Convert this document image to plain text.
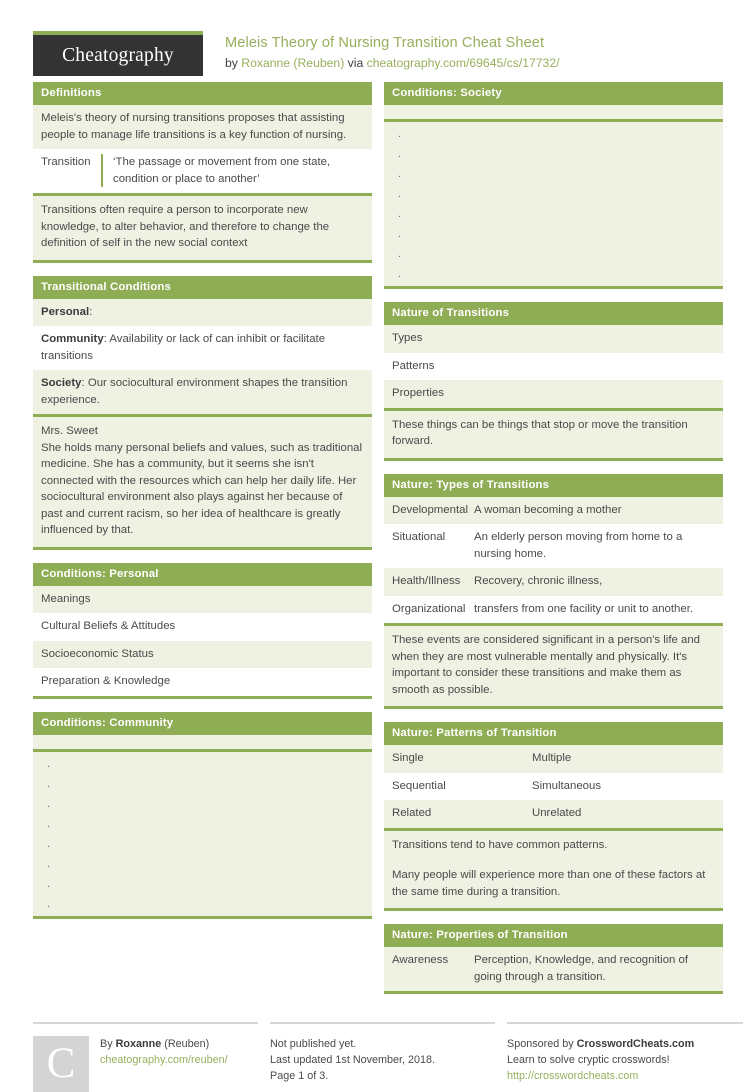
Cheatography
Meleis Theory of Nursing Transition Cheat Sheet
by Roxanne (Reuben) via cheatography.com/69645/cs/17732/
Definitions
Meleis's theory of nursing transitions proposes that assisting people to manage life transitions is a key function of nursing.
Transition	‘The passage or movement from one state, condition or place to another’

Transitions often require a person to incorporate new knowledge, to alter behavior, and therefore to change the definition of self in the new social context

Transitional Conditions
Personal:
Community: Availability or lack of can inhibit or facilitate transitions
Society: Our sociocultural environment shapes the transition experience.

Mrs. Sweet

She holds many personal beliefs and values, such as traditional medicine. She has a community, but it seems she isn't connected with the resources which can help her daily life. Her sociocultural environment also plays against her because of past and current racism, so her idea of healthcare is greatly influenced by that.

Conditions: Personal
Meanings
Cultural Beliefs & Attitudes
Socioeconomic Status
Preparation & Knowledge
Conditions: Community
.
.
.
.
.
.
.
.
Conditions: Society
.
.
.
.
.
.
.
.
Nature of Transitions
Types
Patterns
Properties

These things can be things that stop or move the transition forward.

Nature: Types of Transitions
Developmental A woman becoming a mother
Situational	An elderly person moving from home to a nursing home.
Health/Illness	Recovery, chronic illness,
Organizational transfers from one facility or unit to another.

These events are considered significant in a person's life and when they are most vulnerable mentally and physically. It's important to consider these transitions and make them as smooth as possible.

Nature: Patterns of Transition
Single	Multiple
Sequential	Simultaneous
Related	Unrelated

Transitions tend to have common patterns.

Many people will experience more than one of these factors at the same time during a transition.

Nature: Properties of Transition
Awareness	Perception, Knowledge, and recognition of going through a transition.
C	By Roxanne (Reuben)
cheatography.com/reuben/
Not published yet.
Last updated 1st November, 2018.
Page 1 of 3.
Sponsored by CrosswordCheats.com
Learn to solve cryptic crosswords!
http://crosswordcheats.com
